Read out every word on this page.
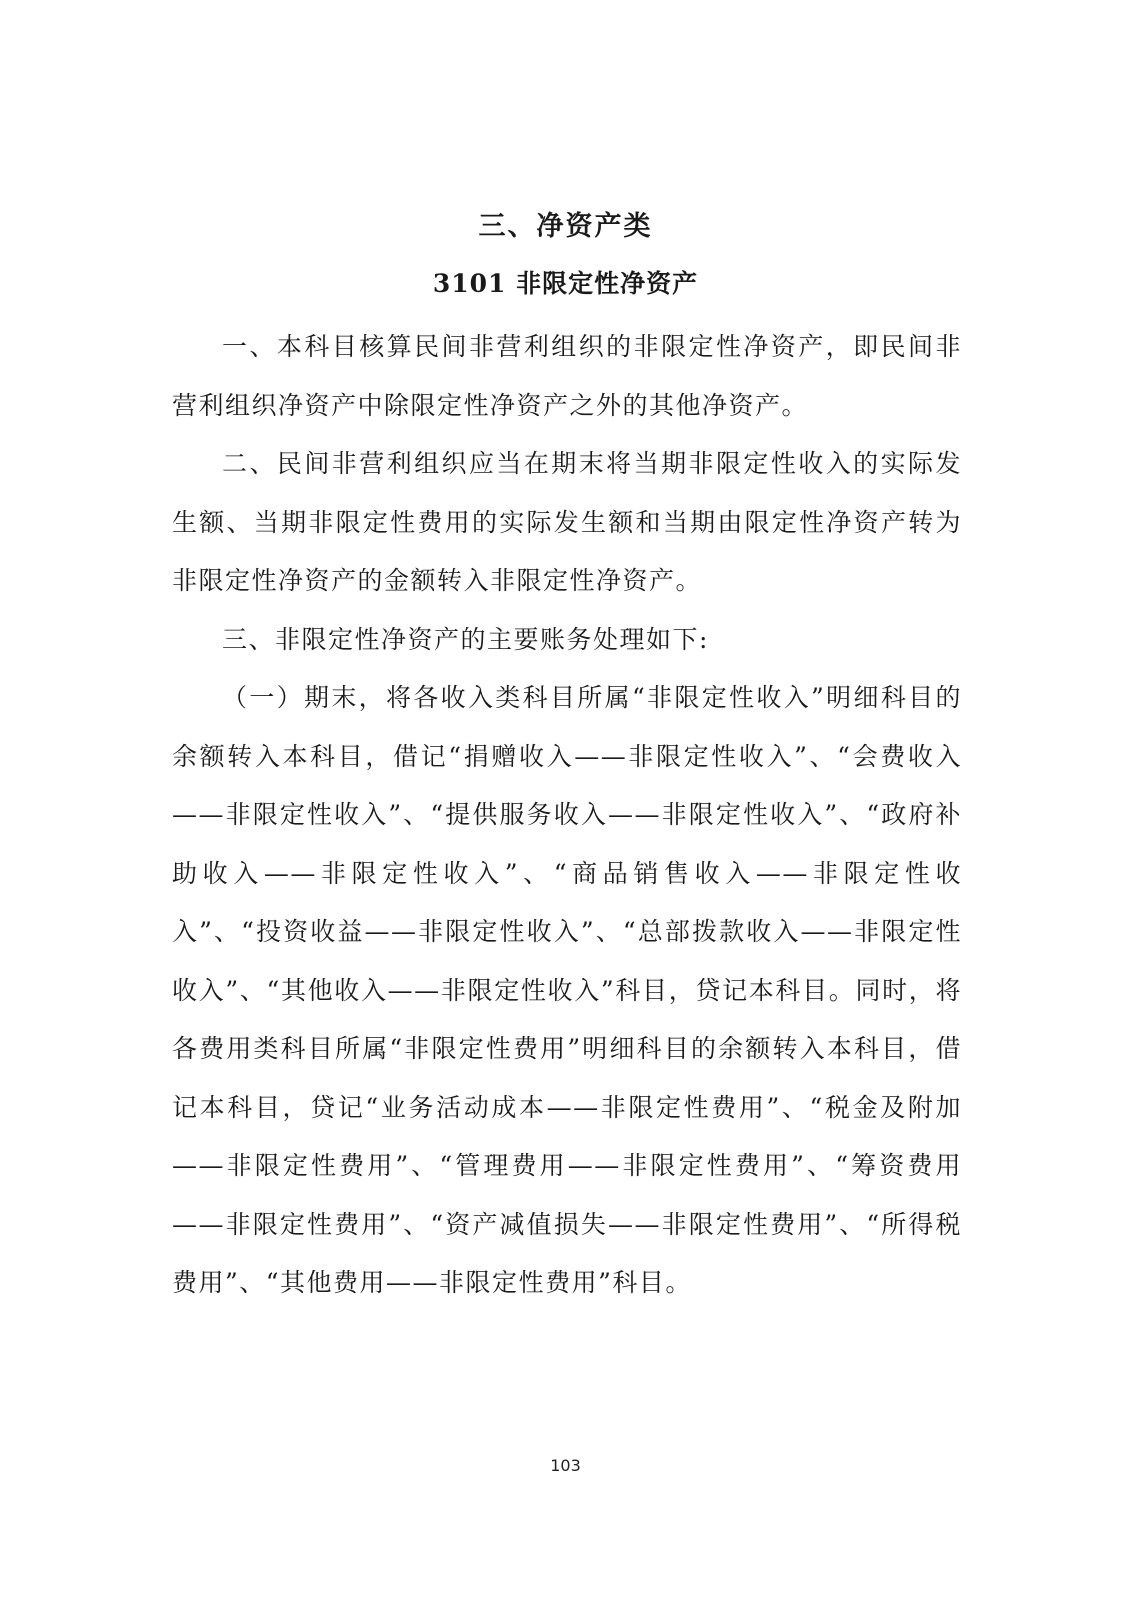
三、净资产类
3101 非限定性净资产

一、本科目核算民间非营利组织的非限定性净资产，即民间非营利组织净资产中除限定性净资产之外的其他净资产。

二、民间非营利组织应当在期末将当期非限定性收入的实际发生额、当期非限定性费用的实际发生额和当期由限定性净资产转为非限定性净资产的金额转入非限定性净资产。

三、非限定性净资产的主要账务处理如下:

（一）期末，将各收入类科目所属“非限定性收入”明细科目的余额转入本科目，借记“捐赠收入——非限定性收入”、“会费收入——非限定性收入”、“提供服务收入——非限定性收入”、“政府补助收入——非限定性收入”、“商品销售收入——非限定性收入”、“投资收益——非限定性收入”、“总部拨款收入——非限定性收入”、“其他收入——非限定性收入”科目，贷记本科目。同时，将各费用类科目所属“非限定性费用”明细科目的余额转入本科目，借记本科目，贷记“业务活动成本——非限定性费用”、“税金及附加——非限定性费用”、“管理费用——非限定性费用”、“筹资费用——非限定性费用”、“资产减值损失——非限定性费用”、“所得税费用”、“其他费用——非限定性费用”科目。

103
